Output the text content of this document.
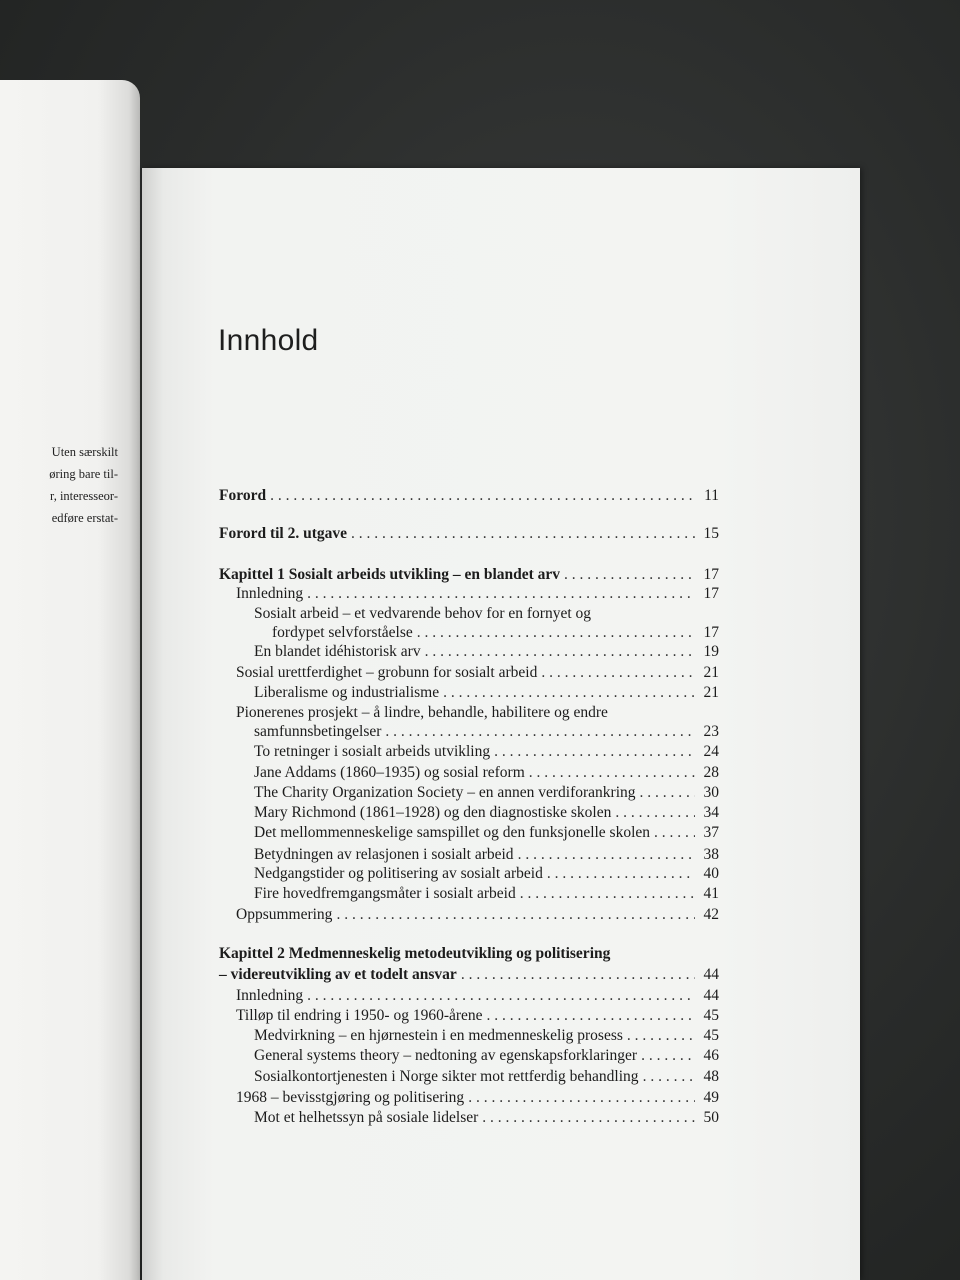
Uten særskilt
øring bare til-
r, interesseor-
edføre erstat-
Innhold
Forord . . .	11
Forord til 2. utgave . . .	15
Kapittel 1 Sosialt arbeids utvikling – en blandet arv . . .	17
Innledning . . .	17
Sosialt arbeid – et vedvarende behov for en fornyet og
fordypet selvforståelse . . .	17
En blandet idéhistorisk arv . . .	19
Sosial urettferdighet – grobunn for sosialt arbeid . . .	21
Liberalisme og industrialisme . . .	21
Pionerenes prosjekt – å lindre, behandle, habilitere og endre
samfunnsbetingelser . . .	23
To retninger i sosialt arbeids utvikling . . .	24
Jane Addams (1860–1935) og sosial reform . . .	28
The Charity Organization Society – en annen verdiforankring . . .	30
Mary Richmond (1861–1928) og den diagnostiske skolen . . .	34
Det mellommenneskelige samspillet og den funksjonelle skolen . . .	37
Betydningen av relasjonen i sosialt arbeid . . .	38
Nedgangstider og politisering av sosialt arbeid . . .	40
Fire hovedfremgangsmåter i sosialt arbeid . . .	41
Oppsummering . . .	42
Kapittel 2 Medmenneskelig metodeutvikling og politisering
– videreutvikling av et todelt ansvar . . .	44
Innledning . . .	44
Tilløp til endring i 1950- og 1960-årene . . .	45
Medvirkning – en hjørnestein i en medmenneskelig prosess . . .	45
General systems theory – nedtoning av egenskapsforklaringer . . .	46
Sosialkontortjenesten i Norge sikter mot rettferdig behandling . . .	48
1968 – bevisstgjøring og politisering . . .	49
Mot et helhetssyn på sosiale lidelser . . .	50
